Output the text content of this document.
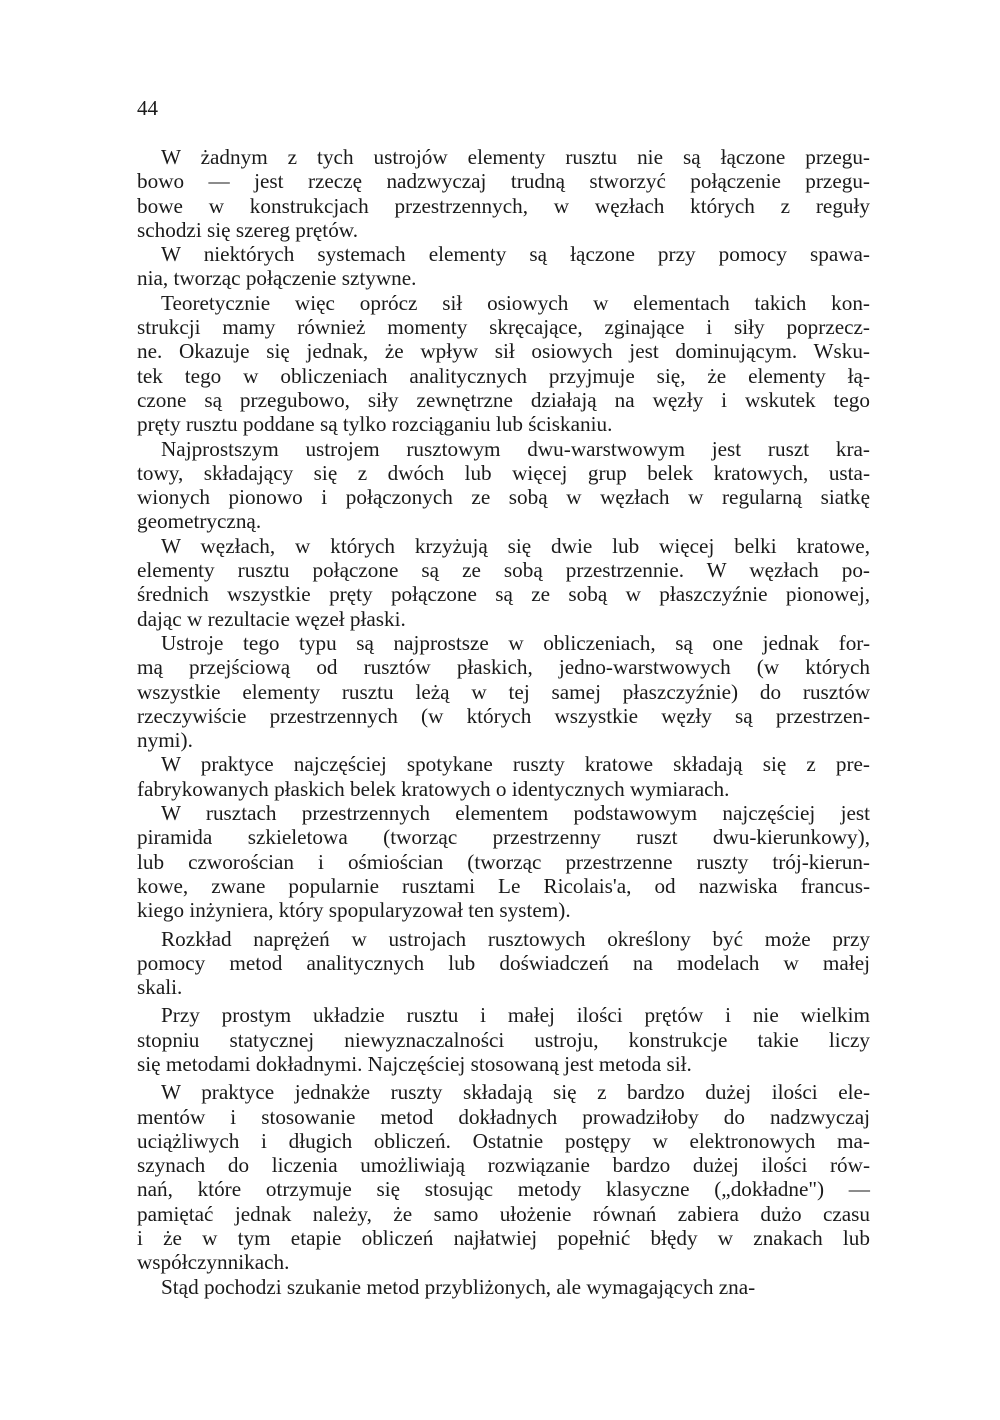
44
W żadnym z tych ustrojów elementy rusztu nie są łączone przegu-
bowo — jest rzeczę nadzwyczaj trudną stworzyć połączenie przegu-
bowe w konstrukcjach przestrzennych, w węzłach których z reguły
schodzi się szereg prętów.
W niektórych systemach elementy są łączone przy pomocy spawa-
nia, tworząc połączenie sztywne.
Teoretycznie więc oprócz sił osiowych w elementach takich kon-
strukcji mamy również momenty skręcające, zginające i siły poprzecz-
ne. Okazuje się jednak, że wpływ sił osiowych jest dominującym. Wsku-
tek tego w obliczeniach analitycznych przyjmuje się, że elementy łą-
czone są przegubowo, siły zewnętrzne działają na węzły i wskutek tego
pręty rusztu poddane są tylko rozciąganiu lub ściskaniu.
Najprostszym ustrojem rusztowym dwu-warstwowym jest ruszt kra-
towy, składający się z dwóch lub więcej grup belek kratowych, usta-
wionych pionowo i połączonych ze sobą w węzłach w regularną siatkę
geometryczną.
W węzłach, w których krzyżują się dwie lub więcej belki kratowe,
elementy rusztu połączone są ze sobą przestrzennie. W węzłach po-
średnich wszystkie pręty połączone są ze sobą w płaszczyźnie pionowej,
dając w rezultacie węzeł płaski.
Ustroje tego typu są najprostsze w obliczeniach, są one jednak for-
mą przejściową od rusztów płaskich, jedno-warstwowych (w których
wszystkie elementy rusztu leżą w tej samej płaszczyźnie) do rusztów
rzeczywiście przestrzennych (w których wszystkie węzły są przestrzen-
nymi).
W praktyce najczęściej spotykane ruszty kratowe składają się z pre-
fabrykowanych płaskich belek kratowych o identycznych wymiarach.
W rusztach przestrzennych elementem podstawowym najczęściej jest
piramida szkieletowa (tworząc przestrzenny ruszt dwu-kierunkowy),
lub czworościan i ośmiościan (tworząc przestrzenne ruszty trój-kierun-
kowe, zwane popularnie rusztami Le Ricolais'a, od nazwiska francus-
kiego inżyniera, który spopularyzował ten system).
Rozkład naprężeń w ustrojach rusztowych określony być może przy
pomocy metod analitycznych lub doświadczeń na modelach w małej
skali.
Przy prostym układzie rusztu i małej ilości prętów i nie wielkim
stopniu statycznej niewyznaczalności ustroju, konstrukcje takie liczy
się metodami dokładnymi. Najczęściej stosowaną jest metoda sił.
W praktyce jednakże ruszty składają się z bardzo dużej ilości ele-
mentów i stosowanie metod dokładnych prowadziłoby do nadzwyczaj
uciążliwych i długich obliczeń. Ostatnie postępy w elektronowych ma-
szynach do liczenia umożliwiają rozwiązanie bardzo dużej ilości rów-
nań, które otrzymuje się stosując metody klasyczne („dokładne") —
pamiętać jednak należy, że samo ułożenie równań zabiera dużo czasu
i że w tym etapie obliczeń najłatwiej popełnić błędy w znakach lub
współczynnikach.
Stąd pochodzi szukanie metod przybliżonych, ale wymagających zna-
